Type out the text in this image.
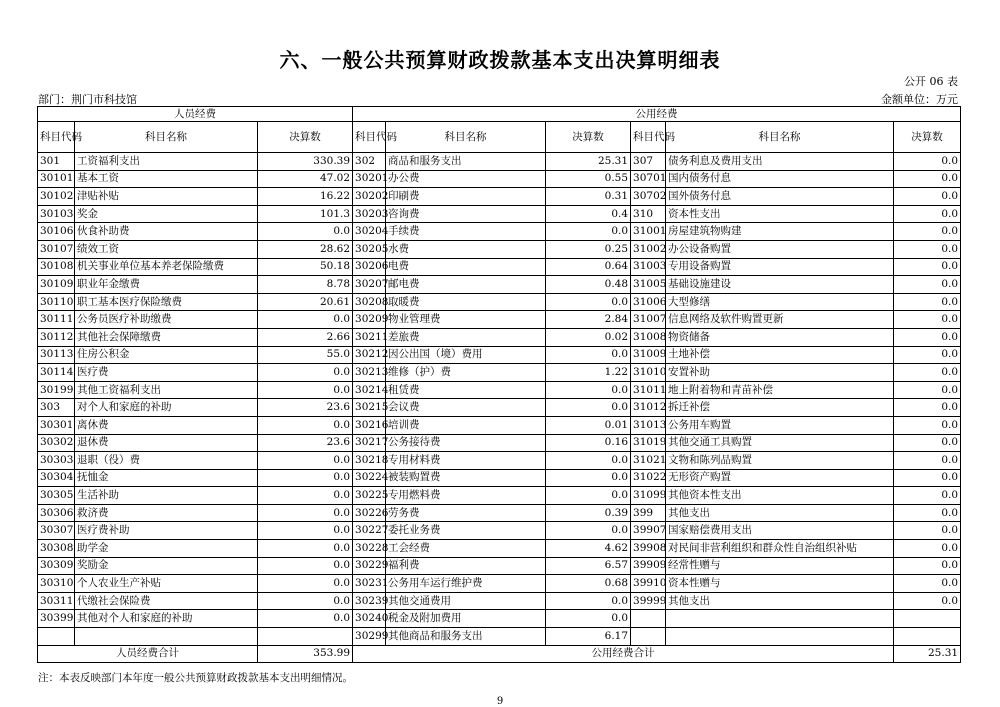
六、一般公共预算财政拨款基本支出决算明细表
公开 06 表
部门：荆门市科技馆	金额单位：万元
人员经费			公用经费					
科目代码	科目名称	决算数	科目代码	科目名称	决算数	科目代码	科目名称	决算数
301	工资福利支出	330.39	302	商品和服务支出	25.31	307	债务利息及费用支出	0.0
30101	基本工资	47.02	30201	办公费	0.55	30701	国内债务付息	0.0
30102	津贴补贴	16.22	30202	印刷费	0.31	30702	国外债务付息	0.0
30103	奖金	101.3	30203	咨询费	0.4	310	资本性支出	0.0
30106	伙食补助费	0.0	30204	手续费	0.0	31001	房屋建筑物购建	0.0
30107	绩效工资	28.62	30205	水费	0.25	31002	办公设备购置	0.0
30108	机关事业单位基本养老保险缴费	50.18	30206	电费	0.64	31003	专用设备购置	0.0
30109	职业年金缴费	8.78	30207	邮电费	0.48	31005	基础设施建设	0.0
30110	职工基本医疗保险缴费	20.61	30208	取暖费	0.0	31006	大型修缮	0.0
30111	公务员医疗补助缴费	0.0	30209	物业管理费	2.84	31007	信息网络及软件购置更新	0.0
30112	其他社会保障缴费	2.66	30211	差旅费	0.02	31008	物资储备	0.0
30113	住房公积金	55.0	30212	因公出国（境）费用	0.0	31009	土地补偿	0.0
30114	医疗费	0.0	30213	维修（护）费	1.22	31010	安置补助	0.0
30199	其他工资福利支出	0.0	30214	租赁费	0.0	31011	地上附着物和青苗补偿	0.0
303	对个人和家庭的补助	23.6	30215	会议费	0.0	31012	拆迁补偿	0.0
30301	离休费	0.0	30216	培训费	0.01	31013	公务用车购置	0.0
30302	退休费	23.6	30217	公务接待费	0.16	31019	其他交通工具购置	0.0
30303	退职（役）费	0.0	30218	专用材料费	0.0	31021	文物和陈列品购置	0.0
30304	抚恤金	0.0	30224	被装购置费	0.0	31022	无形资产购置	0.0
30305	生活补助	0.0	30225	专用燃料费	0.0	31099	其他资本性支出	0.0
30306	救济费	0.0	30226	劳务费	0.39	399	其他支出	0.0
30307	医疗费补助	0.0	30227	委托业务费	0.0	39907	国家赔偿费用支出	0.0
30308	助学金	0.0	30228	工会经费	4.62	39908	对民间非营利组织和群众性自治组织补贴	0.0
30309	奖励金	0.0	30229	福利费	6.57	39909	经常性赠与	0.0
30310	个人农业生产补贴	0.0	30231	公务用车运行维护费	0.68	39910	资本性赠与	0.0
30311	代缴社会保险费	0.0	30239	其他交通费用	0.0	39999	其他支出	0.0
30399	其他对个人和家庭的补助	0.0	30240	税金及附加费用	0.0			
			30299	其他商品和服务支出	6.17			
人员经费合计		353.99	公用经费合计					25.31
注：本表反映部门本年度一般公共预算财政拨款基本支出明细情况。
9
